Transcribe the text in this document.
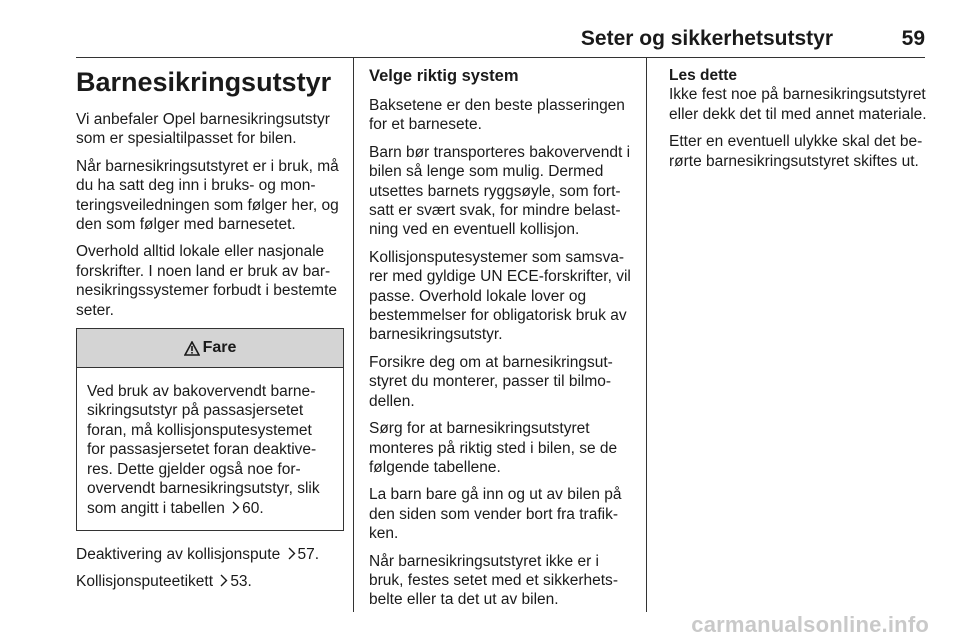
Seter og sikkerhetsutstyr	59
Barnesikringsutstyr

Vi anbefaler Opel barnesikringsutstyr som er spesialtilpasset for bilen.

Når barnesikringsutstyret er i bruk, må du ha satt deg inn i bruks- og monteringsveiledningen som følger her, og den som følger med barnesetet.

Overhold alltid lokale eller nasjonale forskrifter. I noen land er bruk av barnesikringssystemer forbudt i bestemte seter.

Fare
Ved bruk av bakovervendt barnesikringsutstyr på passasjersetet foran, må kollisjonsputesystemet for passasjersetet foran deaktiveres. Dette gjelder også noe forovervendt barnesikringsutstyr, slik som angitt i tabellen 60.

Deaktivering av kollisjonspute 57.

Kollisjonsputeetikett 53.

Velge riktig system

Baksetene er den beste plasseringen for et barnesete.

Barn bør transporteres bakovervendt i bilen så lenge som mulig. Dermed utsettes barnets ryggsøyle, som fortsatt er svært svak, for mindre belastning ved en eventuell kollisjon.

Kollisjonsputesystemer som samsvarer med gyldige UN ECE-forskrifter, vil passe. Overhold lokale lover og bestemmelser for obligatorisk bruk av barnesikringsutstyr.

Forsikre deg om at barnesikringsutstyret du monterer, passer til bilmodellen.

Sørg for at barnesikringsutstyret monteres på riktig sted i bilen, se de følgende tabellene.

La barn bare gå inn og ut av bilen på den siden som vender bort fra trafikken.

Når barnesikringsutstyret ikke er i bruk, festes setet med et sikkerhetsbelte eller ta det ut av bilen.

Les dette

Ikke fest noe på barnesikringsutstyret eller dekk det til med annet materiale.

Etter en eventuell ulykke skal det berørte barnesikringsutstyret skiftes ut.

carmanualsonline.info
